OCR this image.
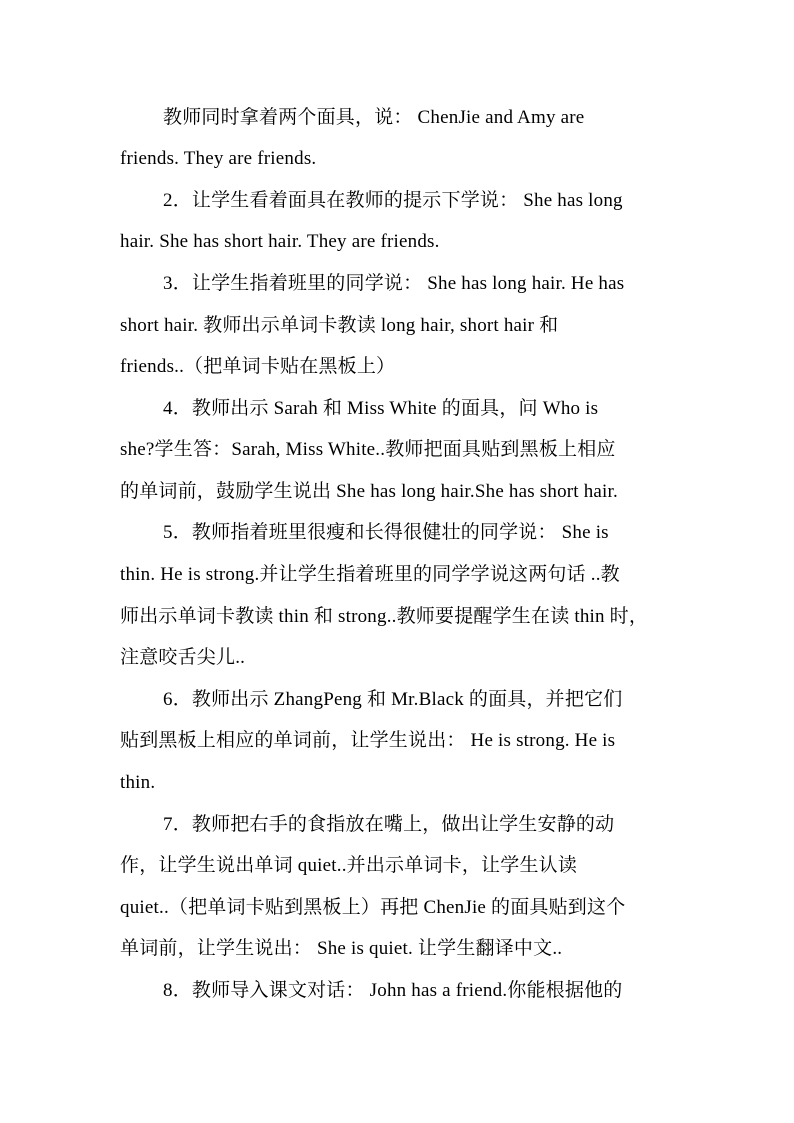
教师同时拿着两个面具，说： ChenJie and Amy are
friends. They are friends.
2．让学生看着面具在教师的提示下学说： She has long
hair. She has short hair. They are friends.
3．让学生指着班里的同学说： She has long hair. He has
short hair. 教师出示单词卡教读 long hair, short hair 和
friends..（把单词卡贴在黑板上）
4．教师出示 Sarah 和 Miss White 的面具，问 Who is
she?学生答：Sarah, Miss White..教师把面具贴到黑板上相应
的单词前，鼓励学生说出 She has long hair.She has short hair.
5．教师指着班里很瘦和长得很健壮的同学说： She is
thin. He is strong.并让学生指着班里的同学学说这两句话 ..教
师出示单词卡教读 thin 和 strong..教师要提醒学生在读 thin 时，
注意咬舌尖儿..
6．教师出示 ZhangPeng 和 Mr.Black 的面具，并把它们
贴到黑板上相应的单词前，让学生说出： He is strong. He is
thin.
7．教师把右手的食指放在嘴上，做出让学生安静的动
作，让学生说出单词 quiet..并出示单词卡，让学生认读
quiet..（把单词卡贴到黑板上）再把 ChenJie 的面具贴到这个
单词前，让学生说出： She is quiet. 让学生翻译中文..
8．教师导入课文对话： John has a friend.你能根据他的
